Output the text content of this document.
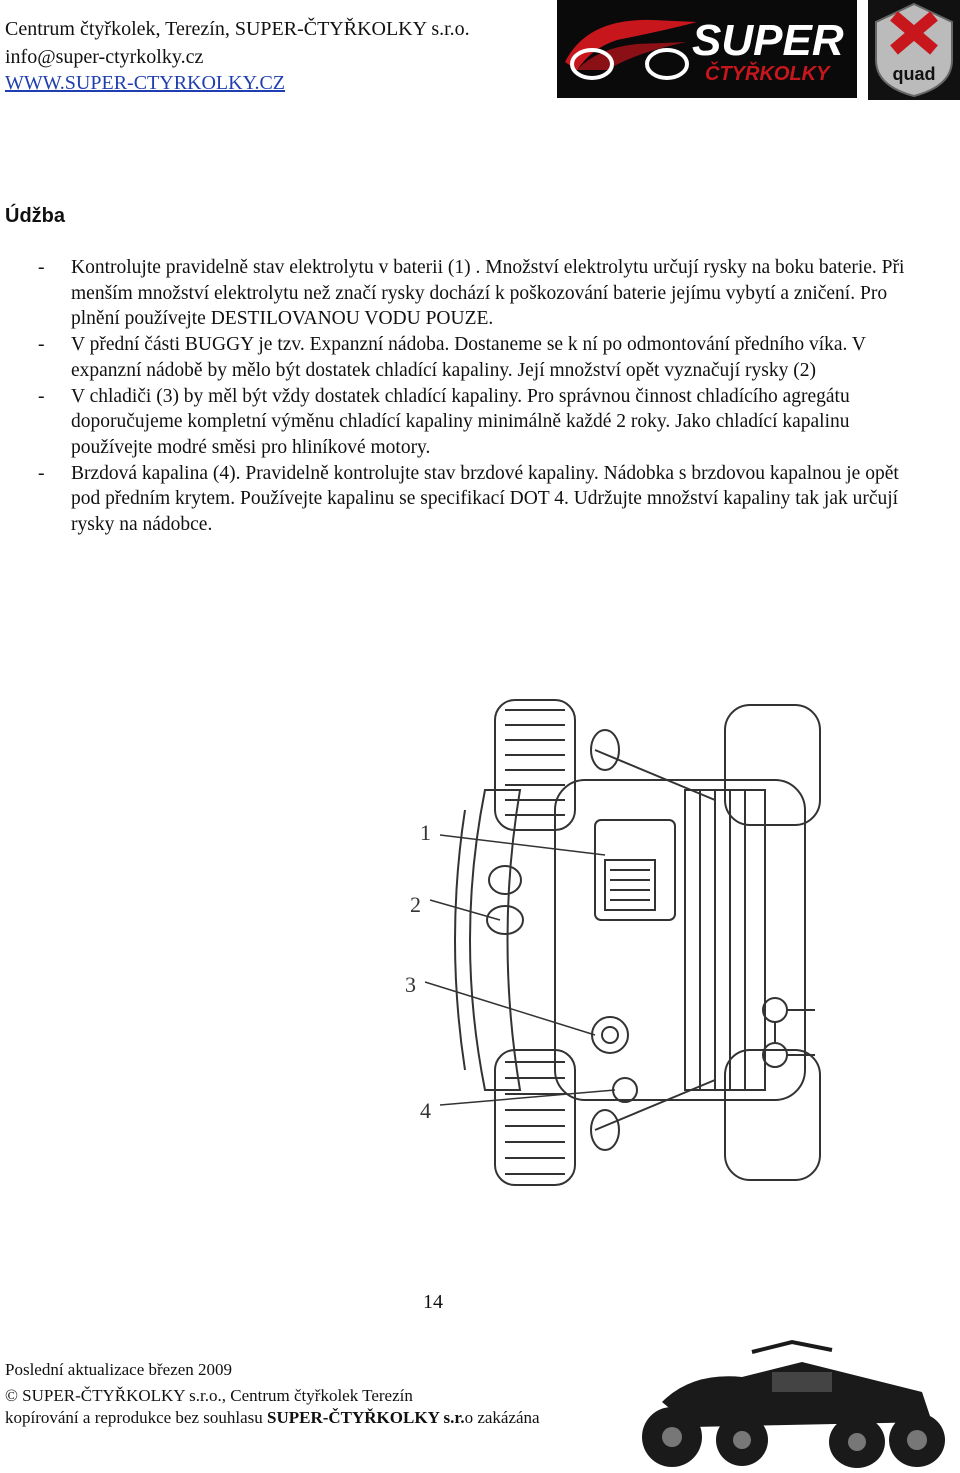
Centrum čtyřkolek, Terezín, SUPER-ČTYŘKOLKY s.r.o.
info@super-ctyrkolky.cz
WWW.SUPER-CTYRKOLKY.CZ
SUPER
ČTYŘKOLKY	quad
Údžba
-	Kontrolujte pravidelně stav elektrolytu v baterii (1) . Množství elektrolytu určují rysky na boku baterie. Při menším množství elektrolytu než značí rysky dochází k poškozování baterie jejímu vybytí a zničení. Pro plnění používejte DESTILOVANOU VODU POUZE.
-	V přední části BUGGY je tzv. Expanzní nádoba. Dostaneme se k ní po odmontování předního víka. V expanzní nádobě by mělo být dostatek chladící kapaliny. Její množství opět vyznačují rysky (2)
-	V chladiči (3) by měl být vždy dostatek chladící kapaliny. Pro správnou činnost chladícího agregátu doporučujeme kompletní výměnu chladící kapaliny minimálně každé 2 roky. Jako chladící kapalinu používejte modré směsi pro hliníkové motory.
-	Brzdová kapalina (4). Pravidelně kontrolujte stav brzdové kapaliny. Nádobka s brzdovou kapalnou je opět pod předním krytem. Používejte kapalinu se specifikací DOT 4. Udržujte množství kapaliny tak jak určují rysky na nádobce.
1
2
3
4
14
Poslední aktualizace březen 2009
© SUPER-ČTYŘKOLKY s.r.o., Centrum čtyřkolek Terezín
kopírování a reprodukce bez souhlasu SUPER-ČTYŘKOLKY s.r.o zakázána
